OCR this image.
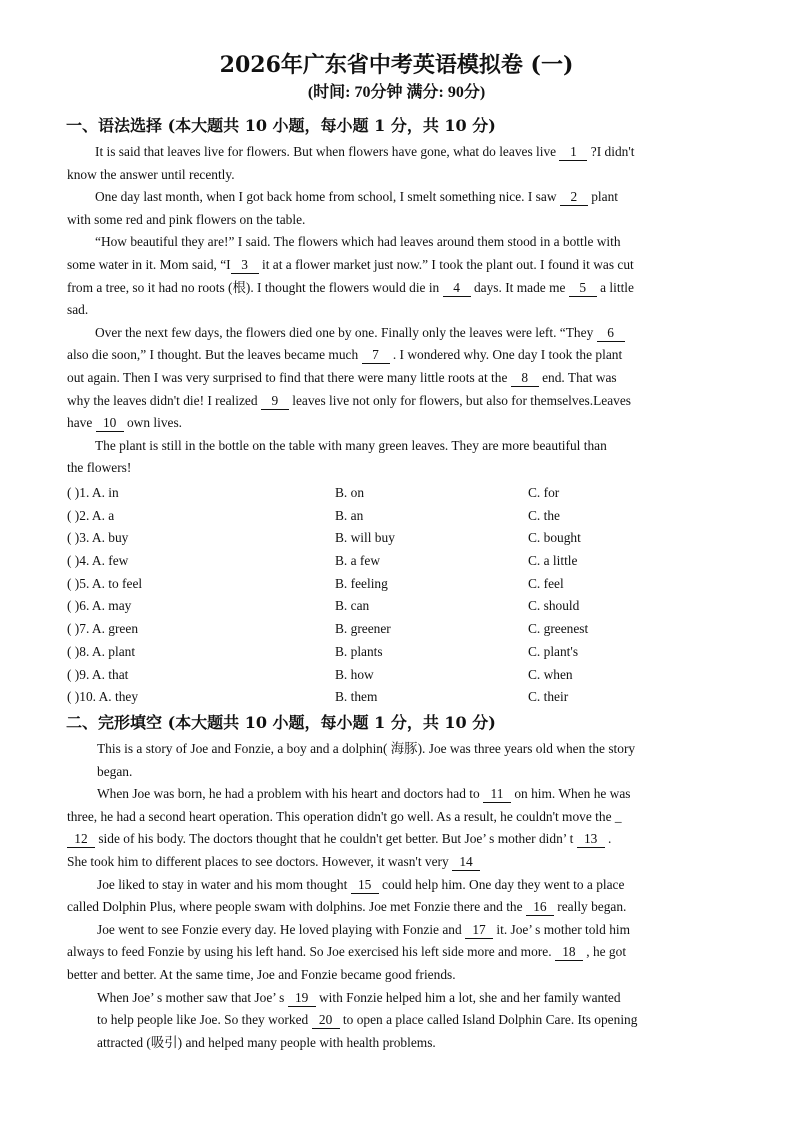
2026年广东省中考英语模拟卷 (一)
(时间: 70分钟 满分: 90分)
一、语法选择 (本大题共 10 小题，每小题 1 分，共 10 分)
It is said that leaves live for flowers. But when flowers have gone, what do leaves live 1 ?I didn't
know the answer until recently.
One day last month, when I got back home from school, I smelt something nice. I saw 2 plant
with some red and pink flowers on the table.
“How beautiful they are!” I said. The flowers which had leaves around them stood in a bottle with
some water in it. Mom said, “I 3 it at a flower market just now.” I took the plant out. I found it was cut
from a tree, so it had no roots (根). I thought the flowers would die in 4 days. It made me 5 a little
sad.
Over the next few days, the flowers died one by one. Finally only the leaves were left. “They 6
also die soon,” I thought. But the leaves became much 7 . I wondered why. One day I took the plant
out again. Then I was very surprised to find that there were many little roots at the 8 end. That was
why the leaves didn't die! I realized 9 leaves live not only for flowers, but also for themselves.Leaves
have 10 own lives.
The plant is still in the bottle on the table with many green leaves. They are more beautiful than
the flowers!
( )1. A. in	B. on	C. for
( )2. A. a	B. an	C. the
( )3. A. buy	B. will buy	C. bought
( )4. A. few	B. a few	C. a little
( )5. A. to feel	B. feeling	C. feel
( )6. A. may	B. can	C. should
( )7. A. green	B. greener	C. greenest
( )8. A. plant	B. plants	C. plant's
( )9. A. that	B. how	C. when
( )10. A. they	B. them	C. their
二、完形填空 (本大题共 10 小题，每小题 1 分，共 10 分)
This is a story of Joe and Fonzie, a boy and a dolphin( 海豚). Joe was three years old when the story
began.
When Joe was born, he had a problem with his heart and doctors had to 11 on him. When he was
three, he had a second heart operation. This operation didn't go well. As a result, he couldn't move the _
12 side of his body. The doctors thought that he couldn't get better. But Joe’ s mother didn’ t 13 .
She took him to different places to see doctors. However, it wasn't very 14
Joe liked to stay in water and his mom thought 15 could help him. One day they went to a place
called Dolphin Plus, where people swam with dolphins. Joe met Fonzie there and the 16 really began.
Joe went to see Fonzie every day. He loved playing with Fonzie and 17 it. Joe’ s mother told him
always to feed Fonzie by using his left hand. So Joe exercised his left side more and more. 18 , he got
better and better. At the same time, Joe and Fonzie became good friends.
When Joe’ s mother saw that Joe’ s 19 with Fonzie helped him a lot, she and her family wanted
to help people like Joe. So they worked 20 to open a place called Island Dolphin Care. Its opening
attracted (吸引) and helped many people with health problems.
